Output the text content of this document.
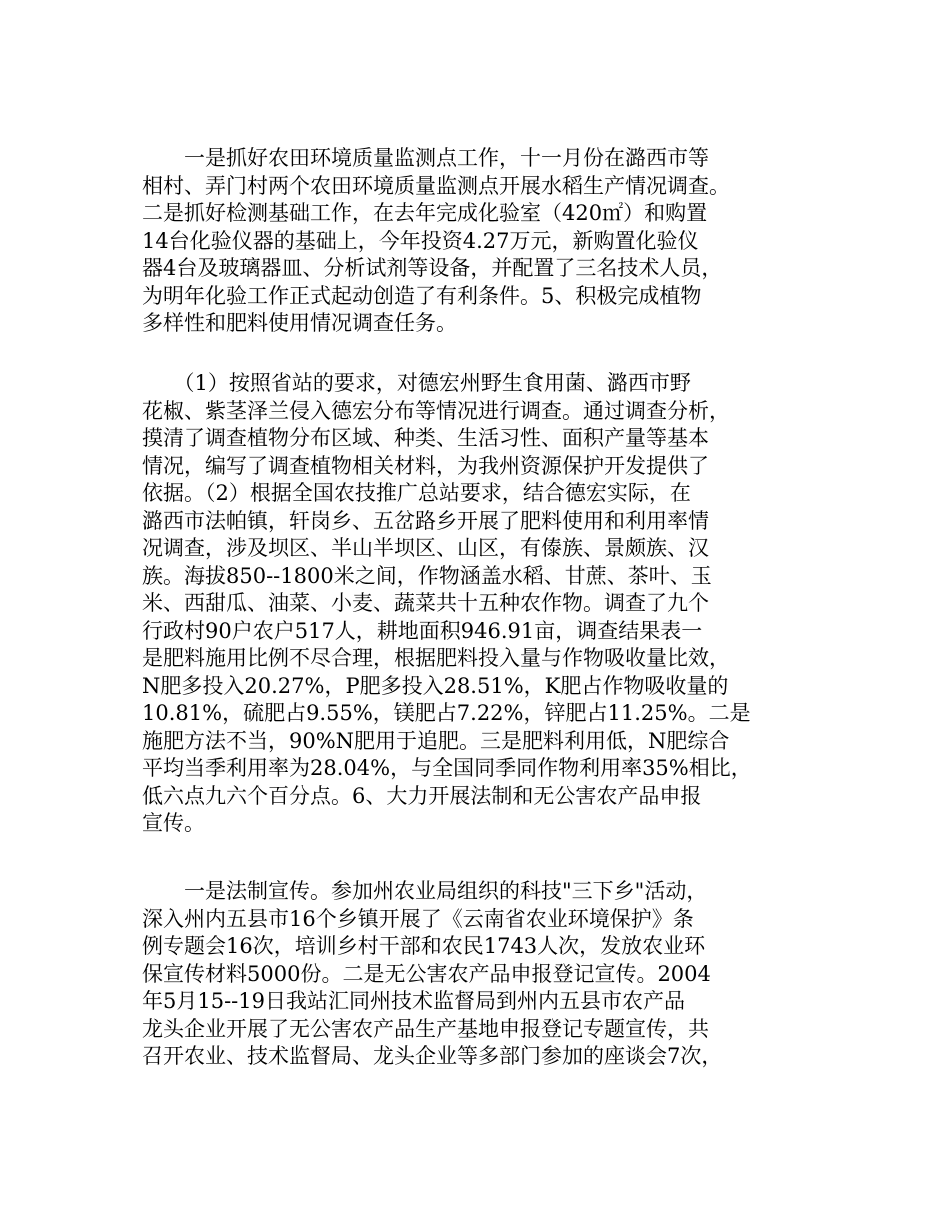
　　一是抓好农田环境质量监测点工作，十一月份在潞西市等
相村、弄门村两个农田环境质量监测点开展水稻生产情况调查。
二是抓好检测基础工作，在去年完成化验室（420㎡）和购置
14台化验仪器的基础上，今年投资4.27万元，新购置化验仪
器4台及玻璃器皿、分析试剂等设备，并配置了三名技术人员，
为明年化验工作正式起动创造了有利条件。5、积极完成植物
多样性和肥料使用情况调查任务。
　　（1）按照省站的要求，对德宏州野生食用菌、潞西市野
花椒、紫茎泽兰侵入德宏分布等情况进行调查。通过调查分析，
摸清了调查植物分布区域、种类、生活习性、面积产量等基本
情况，编写了调查植物相关材料，为我州资源保护开发提供了
依据。（2）根据全国农技推广总站要求，结合德宏实际，在
潞西市法帕镇，轩岗乡、五岔路乡开展了肥料使用和利用率情
况调查，涉及坝区、半山半坝区、山区，有傣族、景颇族、汉
族。海拔850--1800米之间，作物涵盖水稻、甘蔗、茶叶、玉
米、西甜瓜、油菜、小麦、蔬菜共十五种农作物。调查了九个
行政村90户农户517人，耕地面积946.91亩，调查结果表一
是肥料施用比例不尽合理，根据肥料投入量与作物吸收量比效，
N肥多投入20.27%，P肥多投入28.51%，K肥占作物吸收量的
10.81%，硫肥占9.55%，镁肥占7.22%，锌肥占11.25%。二是
施肥方法不当，90%N肥用于追肥。三是肥料利用低，N肥综合
平均当季利用率为28.04%，与全国同季同作物利用率35%相比，
低六点九六个百分点。6、大力开展法制和无公害农产品申报
宣传。
　　一是法制宣传。参加州农业局组织的科技"三下乡"活动，
深入州内五县市16个乡镇开展了《云南省农业环境保护》条
例专题会16次，培训乡村干部和农民1743人次，发放农业环
保宣传材料5000份。二是无公害农产品申报登记宣传。2004
年5月15--19日我站汇同州技术监督局到州内五县市农产品
龙头企业开展了无公害农产品生产基地申报登记专题宣传，共
召开农业、技术监督局、龙头企业等多部门参加的座谈会7次，
